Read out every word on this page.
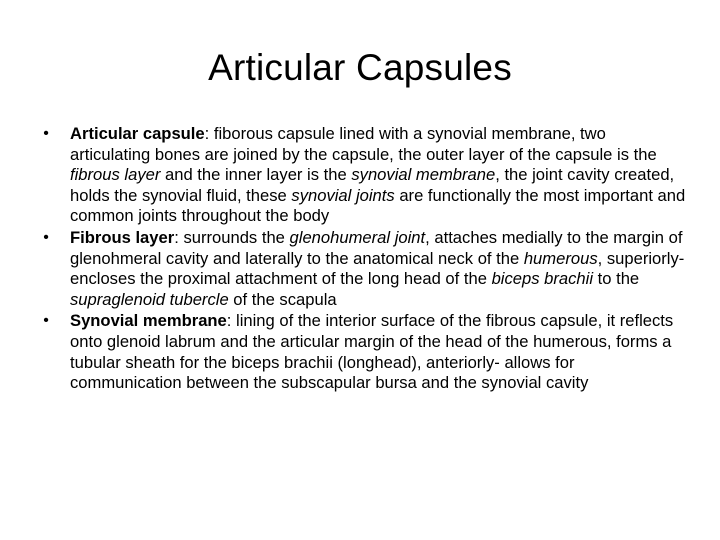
Articular Capsules
•	Articular capsule: fiborous capsule lined with a synovial membrane, two articulating bones are joined by the capsule, the outer layer of the capsule is the fibrous layer and the inner layer is the synovial membrane, the joint cavity created, holds the synovial fluid, these synovial joints are functionally the most important and common joints throughout the body
•	Fibrous layer: surrounds the glenohumeral joint, attaches medially to the margin of glenohmeral cavity and laterally to the anatomical neck of the humerous, superiorly- encloses the proximal attachment of the long head of the biceps brachii to the supraglenoid tubercle of the scapula
•	Synovial membrane: lining of the interior surface of the fibrous capsule, it reflects onto glenoid labrum and the articular margin of the head of the humerous, forms a tubular sheath for the biceps brachii (longhead), anteriorly- allows for communication between the subscapular bursa and the synovial cavity
